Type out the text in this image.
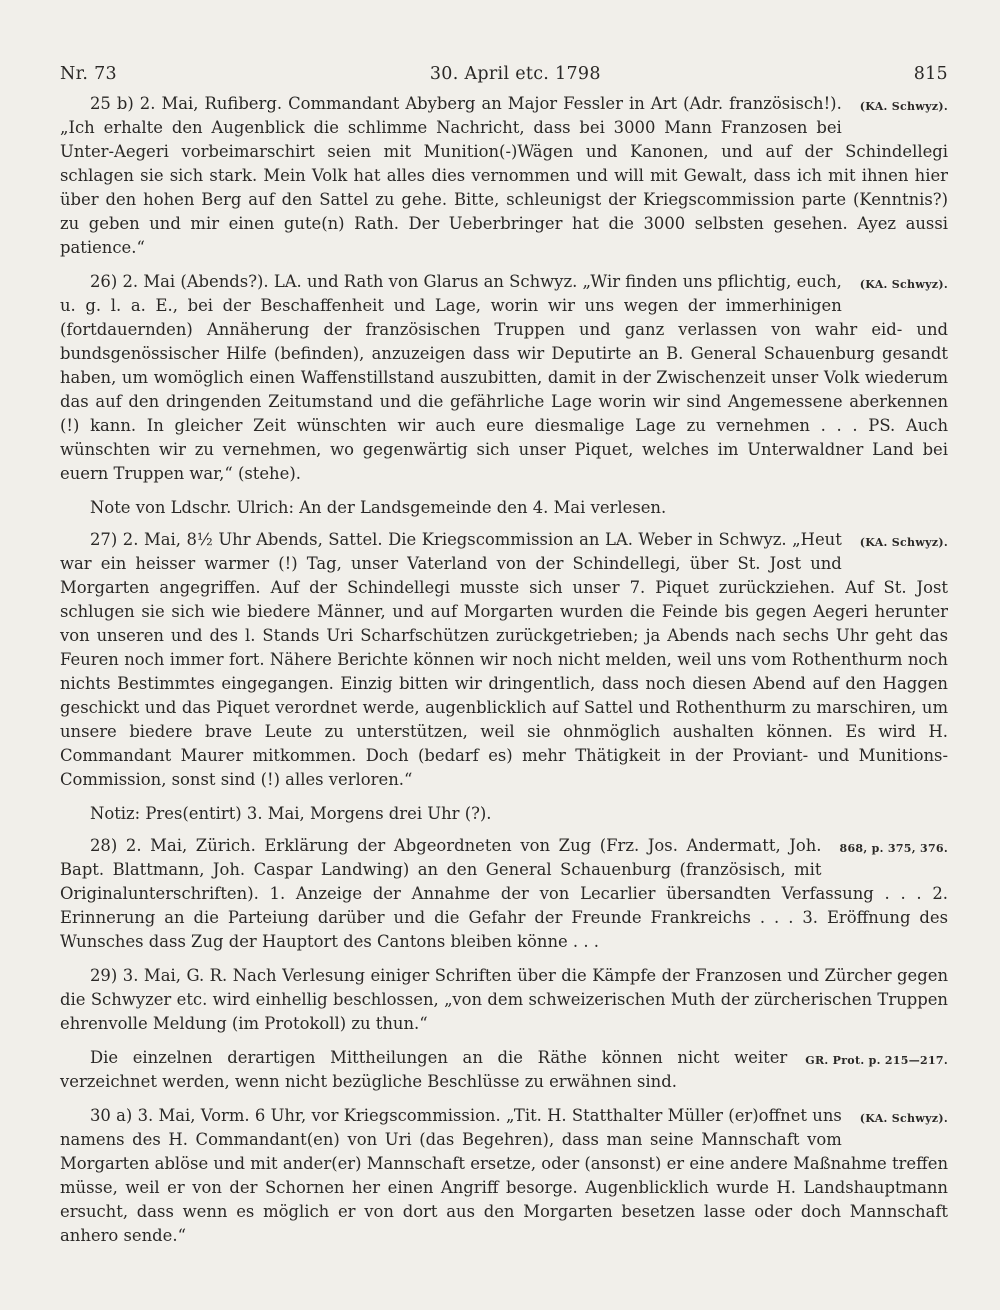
Nr. 73	30. April etc. 1798	815

(KA. Schwyz).
25 b) 2. Mai, Rufiberg. Commandant Abyberg an Major Fessler in Art (Adr. französisch!). „Ich erhalte den Augenblick die schlimme Nachricht, dass bei 3000 Mann Franzosen bei Unter-Aegeri vorbeimarschirt seien mit Munition(-)Wägen und Kanonen, und auf der Schindellegi schlagen sie sich stark. Mein Volk hat alles dies vernommen und will mit Gewalt, dass ich mit ihnen hier über den hohen Berg auf den Sattel zu gehe. Bitte, schleunigst der Kriegscommission parte (Kenntnis?) zu geben und mir einen gute(n) Rath. Der Ueberbringer hat die 3000 selbsten gesehen. Ayez aussi patience.“

(KA. Schwyz).
26) 2. Mai (Abends?). LA. und Rath von Glarus an Schwyz. „Wir finden uns pflichtig, euch, u. g. l. a. E., bei der Beschaffenheit und Lage, worin wir uns wegen der immerhinigen (fortdauernden) Annäherung der französischen Truppen und ganz verlassen von wahr eid- und bundsgenössischer Hilfe (befinden), anzuzeigen dass wir Deputirte an B. General Schauenburg gesandt haben, um womöglich einen Waffenstillstand auszubitten, damit in der Zwischenzeit unser Volk wiederum das auf den dringenden Zeitumstand und die gefährliche Lage worin wir sind Angemessene aberkennen (!) kann. In gleicher Zeit wünschten wir auch eure diesmalige Lage zu vernehmen . . . PS. Auch wünschten wir zu vernehmen, wo gegenwärtig sich unser Piquet, welches im Unterwaldner Land bei euern Truppen war,“ (stehe).

Note von Ldschr. Ulrich: An der Landsgemeinde den 4. Mai verlesen.

(KA. Schwyz).
27) 2. Mai, 8½ Uhr Abends, Sattel. Die Kriegscommission an LA. Weber in Schwyz. „Heut war ein heisser warmer (!) Tag, unser Vaterland von der Schindellegi, über St. Jost und Morgarten angegriffen. Auf der Schindellegi musste sich unser 7. Piquet zurückziehen. Auf St. Jost schlugen sie sich wie biedere Männer, und auf Morgarten wurden die Feinde bis gegen Aegeri herunter von unseren und des l. Stands Uri Scharfschützen zurückgetrieben; ja Abends nach sechs Uhr geht das Feuren noch immer fort. Nähere Berichte können wir noch nicht melden, weil uns vom Rothenthurm noch nichts Bestimmtes eingegangen. Einzig bitten wir dringentlich, dass noch diesen Abend auf den Haggen geschickt und das Piquet verordnet werde, augenblicklich auf Sattel und Rothenthurm zu marschiren, um unsere biedere brave Leute zu unterstützen, weil sie ohnmöglich aushalten können. Es wird H. Commandant Maurer mitkommen. Doch (bedarf es) mehr Thätigkeit in der Proviant- und Munitions-Commission, sonst sind (!) alles verloren.“

Notiz: Pres(entirt) 3. Mai, Morgens drei Uhr (?).

868, p. 375, 376.
28) 2. Mai, Zürich. Erklärung der Abgeordneten von Zug (Frz. Jos. Andermatt, Joh. Bapt. Blattmann, Joh. Caspar Landwing) an den General Schauenburg (französisch, mit Originalunterschriften). 1. Anzeige der Annahme der von Lecarlier übersandten Verfassung . . . 2. Erinnerung an die Parteiung darüber und die Gefahr der Freunde Frankreichs . . . 3. Eröffnung des Wunsches dass Zug der Hauptort des Cantons bleiben könne . . .

29) 3. Mai, G. R. Nach Verlesung einiger Schriften über die Kämpfe der Franzosen und Zürcher gegen die Schwyzer etc. wird einhellig beschlossen, „von dem schweizerischen Muth der zürcherischen Truppen ehrenvolle Meldung (im Protokoll) zu thun.“

GR. Prot. p. 215—217.
Die einzelnen derartigen Mittheilungen an die Räthe können nicht weiter verzeichnet werden, wenn nicht bezügliche Beschlüsse zu erwähnen sind.

(KA. Schwyz).
30 a) 3. Mai, Vorm. 6 Uhr, vor Kriegscommission. „Tit. H. Statthalter Müller (er)offnet uns namens des H. Commandant(en) von Uri (das Begehren), dass man seine Mannschaft vom Morgarten ablöse und mit ander(er) Mannschaft ersetze, oder (ansonst) er eine andere Maßnahme treffen müsse, weil er von der Schornen her einen Angriff besorge. Augenblicklich wurde H. Landshauptmann ersucht, dass wenn es möglich er von dort aus den Morgarten besetzen lasse oder doch Mannschaft anhero sende.“
